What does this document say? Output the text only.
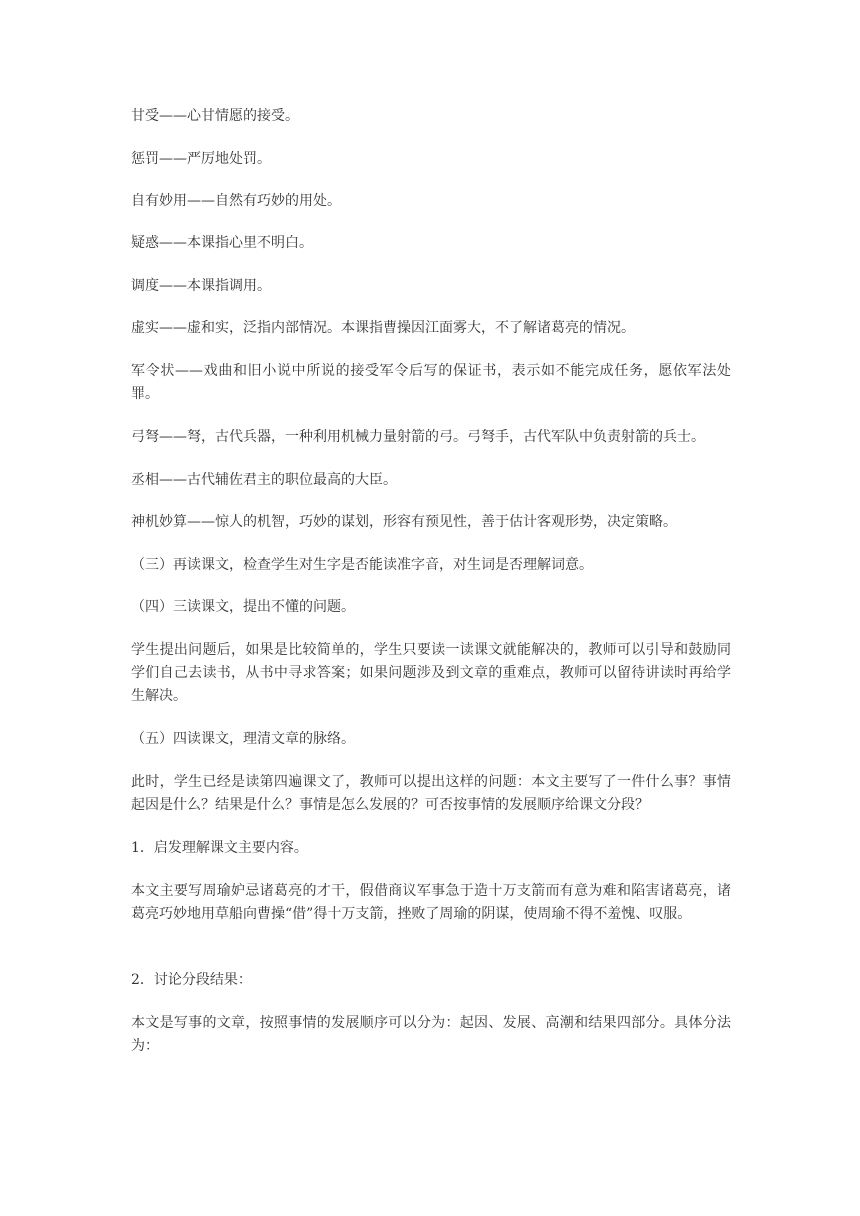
甘受——心甘情愿的接受。

惩罚——严厉地处罚。

自有妙用——自然有巧妙的用处。

疑惑——本课指心里不明白。

调度——本课指调用。

虚实——虚和实，泛指内部情况。本课指曹操因江面雾大，不了解诸葛亮的情况。

军令状——戏曲和旧小说中所说的接受军令后写的保证书，表示如不能完成任务，愿依军法处罪。

弓弩——弩，古代兵器，一种利用机械力量射箭的弓。弓弩手，古代军队中负责射箭的兵士。

丞相——古代辅佐君主的职位最高的大臣。

神机妙算——惊人的机智，巧妙的谋划，形容有预见性，善于估计客观形势，决定策略。

（三）再读课文，检查学生对生字是否能读准字音，对生词是否理解词意。

（四）三读课文，提出不懂的问题。

学生提出问题后，如果是比较简单的，学生只要读一读课文就能解决的，教师可以引导和鼓励同学们自己去读书，从书中寻求答案；如果问题涉及到文章的重难点，教师可以留待讲读时再给学生解决。

（五）四读课文，理清文章的脉络。

此时，学生已经是读第四遍课文了，教师可以提出这样的问题：本文主要写了一件什么事？事情起因是什么？结果是什么？事情是怎么发展的？可否按事情的发展顺序给课文分段？

1．启发理解课文主要内容。

本文主要写周瑜妒忌诸葛亮的才干，假借商议军事急于造十万支箭而有意为难和陷害诸葛亮，诸葛亮巧妙地用草船向曹操“借”得十万支箭，挫败了周瑜的阴谋，使周瑜不得不羞愧、叹服。

2．讨论分段结果：

本文是写事的文章，按照事情的发展顺序可以分为：起因、发展、高潮和结果四部分。具体分法为：
